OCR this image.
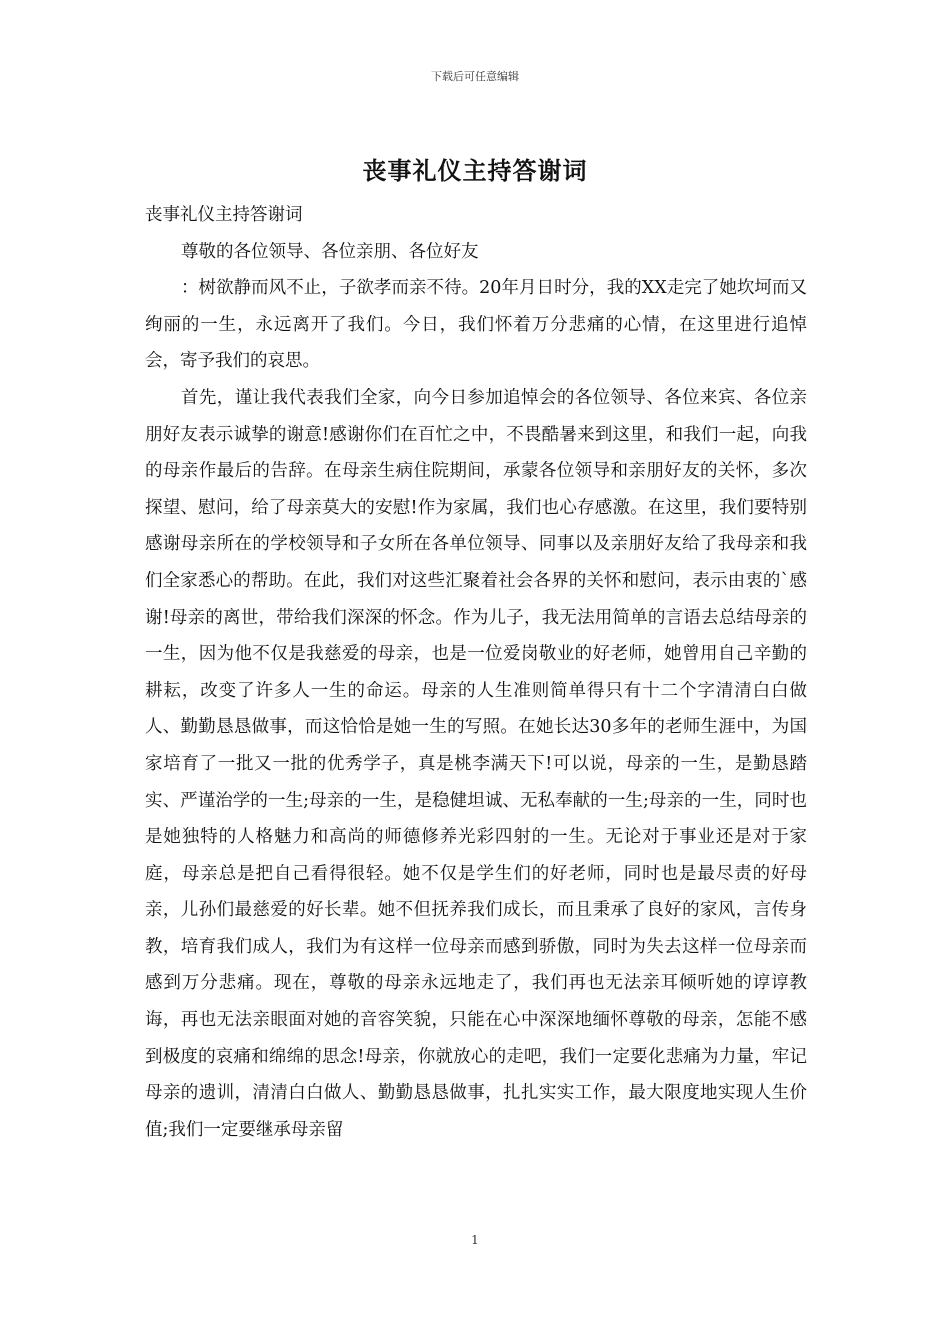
下载后可任意编辑
丧事礼仪主持答谢词

丧事礼仪主持答谢词

尊敬的各位领导、各位亲朋、各位好友

：树欲静而风不止，子欲孝而亲不待。20年月日时分，我的XX走完了她坎坷而又绚丽的一生，永远离开了我们。今日，我们怀着万分悲痛的心情，在这里进行追悼会，寄予我们的哀思。

首先，谨让我代表我们全家，向今日参加追悼会的各位领导、各位来宾、各位亲朋好友表示诚挚的谢意!感谢你们在百忙之中，不畏酷暑来到这里，和我们一起，向我的母亲作最后的告辞。在母亲生病住院期间，承蒙各位领导和亲朋好友的关怀，多次探望、慰问，给了母亲莫大的安慰!作为家属，我们也心存感激。在这里，我们要特别感谢母亲所在的学校领导和子女所在各单位领导、同事以及亲朋好友给了我母亲和我们全家悉心的帮助。在此，我们对这些汇聚着社会各界的关怀和慰问，表示由衷的`感谢!母亲的离世，带给我们深深的怀念。作为儿子，我无法用简单的言语去总结母亲的一生，因为他不仅是我慈爱的母亲，也是一位爱岗敬业的好老师，她曾用自己辛勤的耕耘，改变了许多人一生的命运。母亲的人生准则简单得只有十二个字清清白白做人、勤勤恳恳做事，而这恰恰是她一生的写照。在她长达30多年的老师生涯中，为国家培育了一批又一批的优秀学子，真是桃李满天下!可以说，母亲的一生，是勤恳踏实、严谨治学的一生;母亲的一生，是稳健坦诚、无私奉献的一生;母亲的一生，同时也是她独特的人格魅力和高尚的师德修养光彩四射的一生。无论对于事业还是对于家庭，母亲总是把自己看得很轻。她不仅是学生们的好老师，同时也是最尽责的好母亲，儿孙们最慈爱的好长辈。她不但抚养我们成长，而且秉承了良好的家风，言传身教，培育我们成人，我们为有这样一位母亲而感到骄傲，同时为失去这样一位母亲而感到万分悲痛。现在，尊敬的母亲永远地走了，我们再也无法亲耳倾听她的谆谆教诲，再也无法亲眼面对她的音容笑貌，只能在心中深深地缅怀尊敬的母亲，怎能不感到极度的哀痛和绵绵的思念!母亲，你就放心的走吧，我们一定要化悲痛为力量，牢记母亲的遗训，清清白白做人、勤勤恳恳做事，扎扎实实工作，最大限度地实现人生价值;我们一定要继承母亲留

1
